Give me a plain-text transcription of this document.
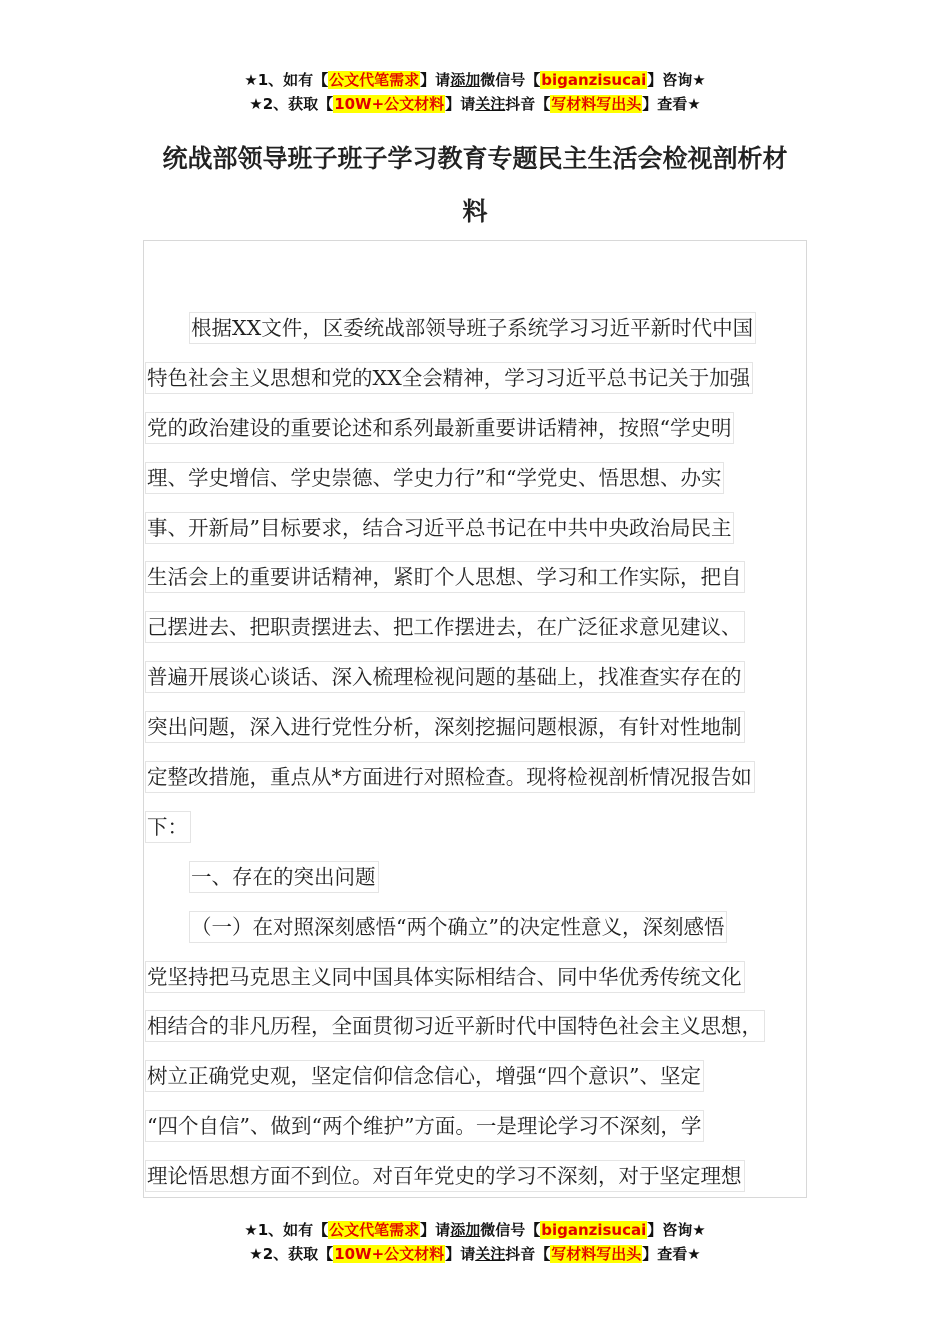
★1、如有【公文代笔需求】请添加微信号【biganzisucai】咨询★
★2、获取【10W+公文材料】请关注抖音【写材料写出头】查看★
统战部领导班子班子学习教育专题民主生活会检视剖析材
料
根据XX文件，区委统战部领导班子系统学习习近平新时代中国
特色社会主义思想和党的XX全会精神，学习习近平总书记关于加强
党的政治建设的重要论述和系列最新重要讲话精神，按照“学史明
理、学史增信、学史崇德、学史力行”和“学党史、悟思想、办实
事、开新局”目标要求，结合习近平总书记在中共中央政治局民主
生活会上的重要讲话精神，紧盯个人思想、学习和工作实际，把自
己摆进去、把职责摆进去、把工作摆进去，在广泛征求意见建议、
普遍开展谈心谈话、深入梳理检视问题的基础上，找准查实存在的
突出问题，深入进行党性分析，深刻挖掘问题根源，有针对性地制
定整改措施，重点从*方面进行对照检查。现将检视剖析情况报告如
下：
一、存在的突出问题
（一）在对照深刻感悟“两个确立”的决定性意义，深刻感悟
党坚持把马克思主义同中国具体实际相结合、同中华优秀传统文化
相结合的非凡历程，全面贯彻习近平新时代中国特色社会主义思想，
树立正确党史观，坚定信仰信念信心，增强“四个意识”、坚定
“四个自信”、做到“两个维护”方面。一是理论学习不深刻，学
理论悟思想方面不到位。对百年党史的学习不深刻，对于坚定理想
★1、如有【公文代笔需求】请添加微信号【biganzisucai】咨询★
★2、获取【10W+公文材料】请关注抖音【写材料写出头】查看★
